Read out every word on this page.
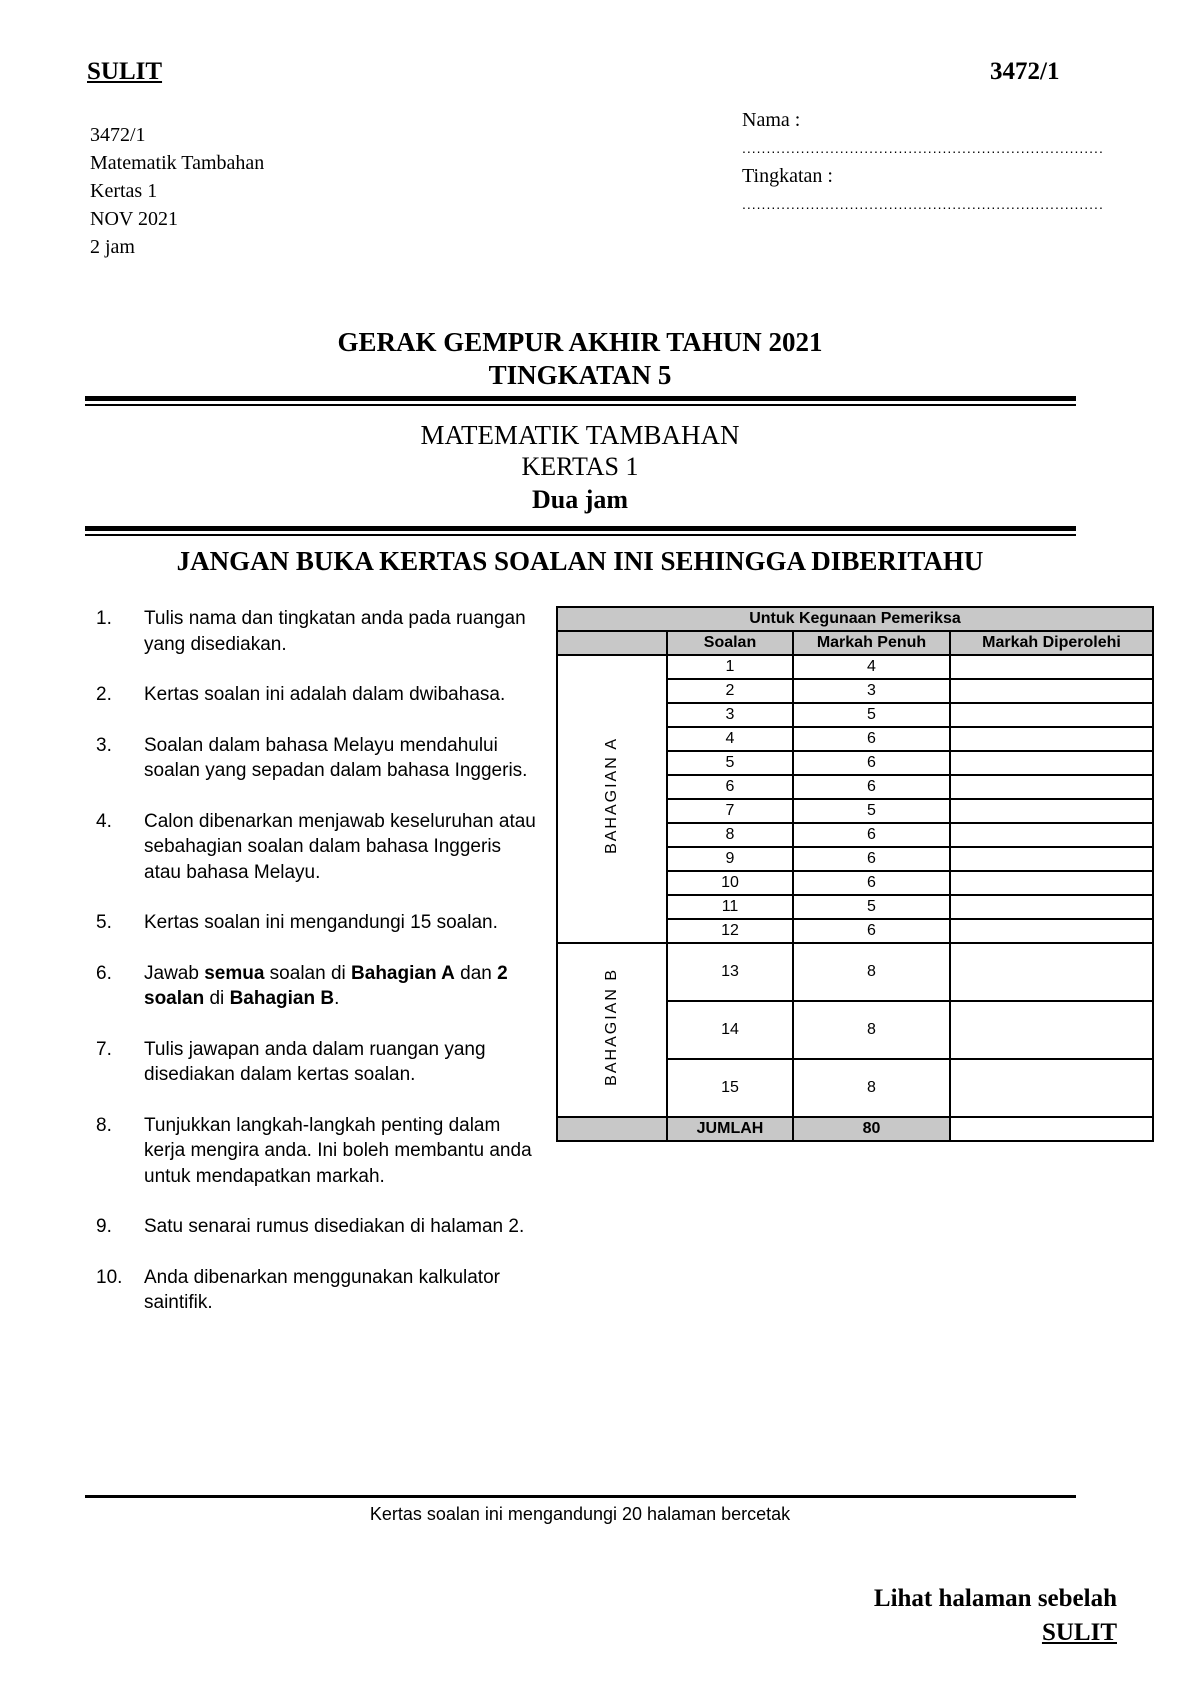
SULIT	3472/1
3472/1
Matematik Tambahan
Kertas 1
NOV 2021
2 jam
Nama :
..........................................................................
Tingkatan :
..........................................................................
GERAK GEMPUR AKHIR TAHUN 2021
TINGKATAN 5
MATEMATIK TAMBAHAN
KERTAS 1
Dua jam
JANGAN BUKA KERTAS SOALAN INI SEHINGGA DIBERITAHU
1.	Tulis nama dan tingkatan anda pada ruangan yang disediakan.
2.	Kertas soalan ini adalah dalam dwibahasa.
3.	Soalan dalam bahasa Melayu mendahului soalan yang sepadan dalam bahasa Inggeris.
4.	Calon dibenarkan menjawab keseluruhan atau sebahagian soalan dalam bahasa Inggeris atau bahasa Melayu.
5.	Kertas soalan ini mengandungi 15 soalan.
6.	Jawab semua soalan di Bahagian A dan 2 soalan di Bahagian B.
7.	Tulis jawapan anda dalam ruangan yang disediakan dalam kertas soalan.
8.	Tunjukkan langkah-langkah penting dalam kerja mengira anda. Ini boleh membantu anda untuk mendapatkan markah.
9.	Satu senarai rumus disediakan di halaman 2.
10.	Anda dibenarkan menggunakan kalkulator saintifik.
Untuk Kegunaan Pemeriksa			
	Soalan	Markah Penuh	Markah Diperolehi
BAHAGIAN A	1	4	
	2	3	
	3	5	
	4	6	
	5	6	
	6	6	
	7	5	
	8	6	
	9	6	
	10	6	
	11	5	
	12	6	
BAHAGIAN B	13	8	
	14	8	
	15	8	
	JUMLAH	80	
Kertas soalan ini mengandungi 20 halaman bercetak
Lihat halaman sebelah
SULIT
